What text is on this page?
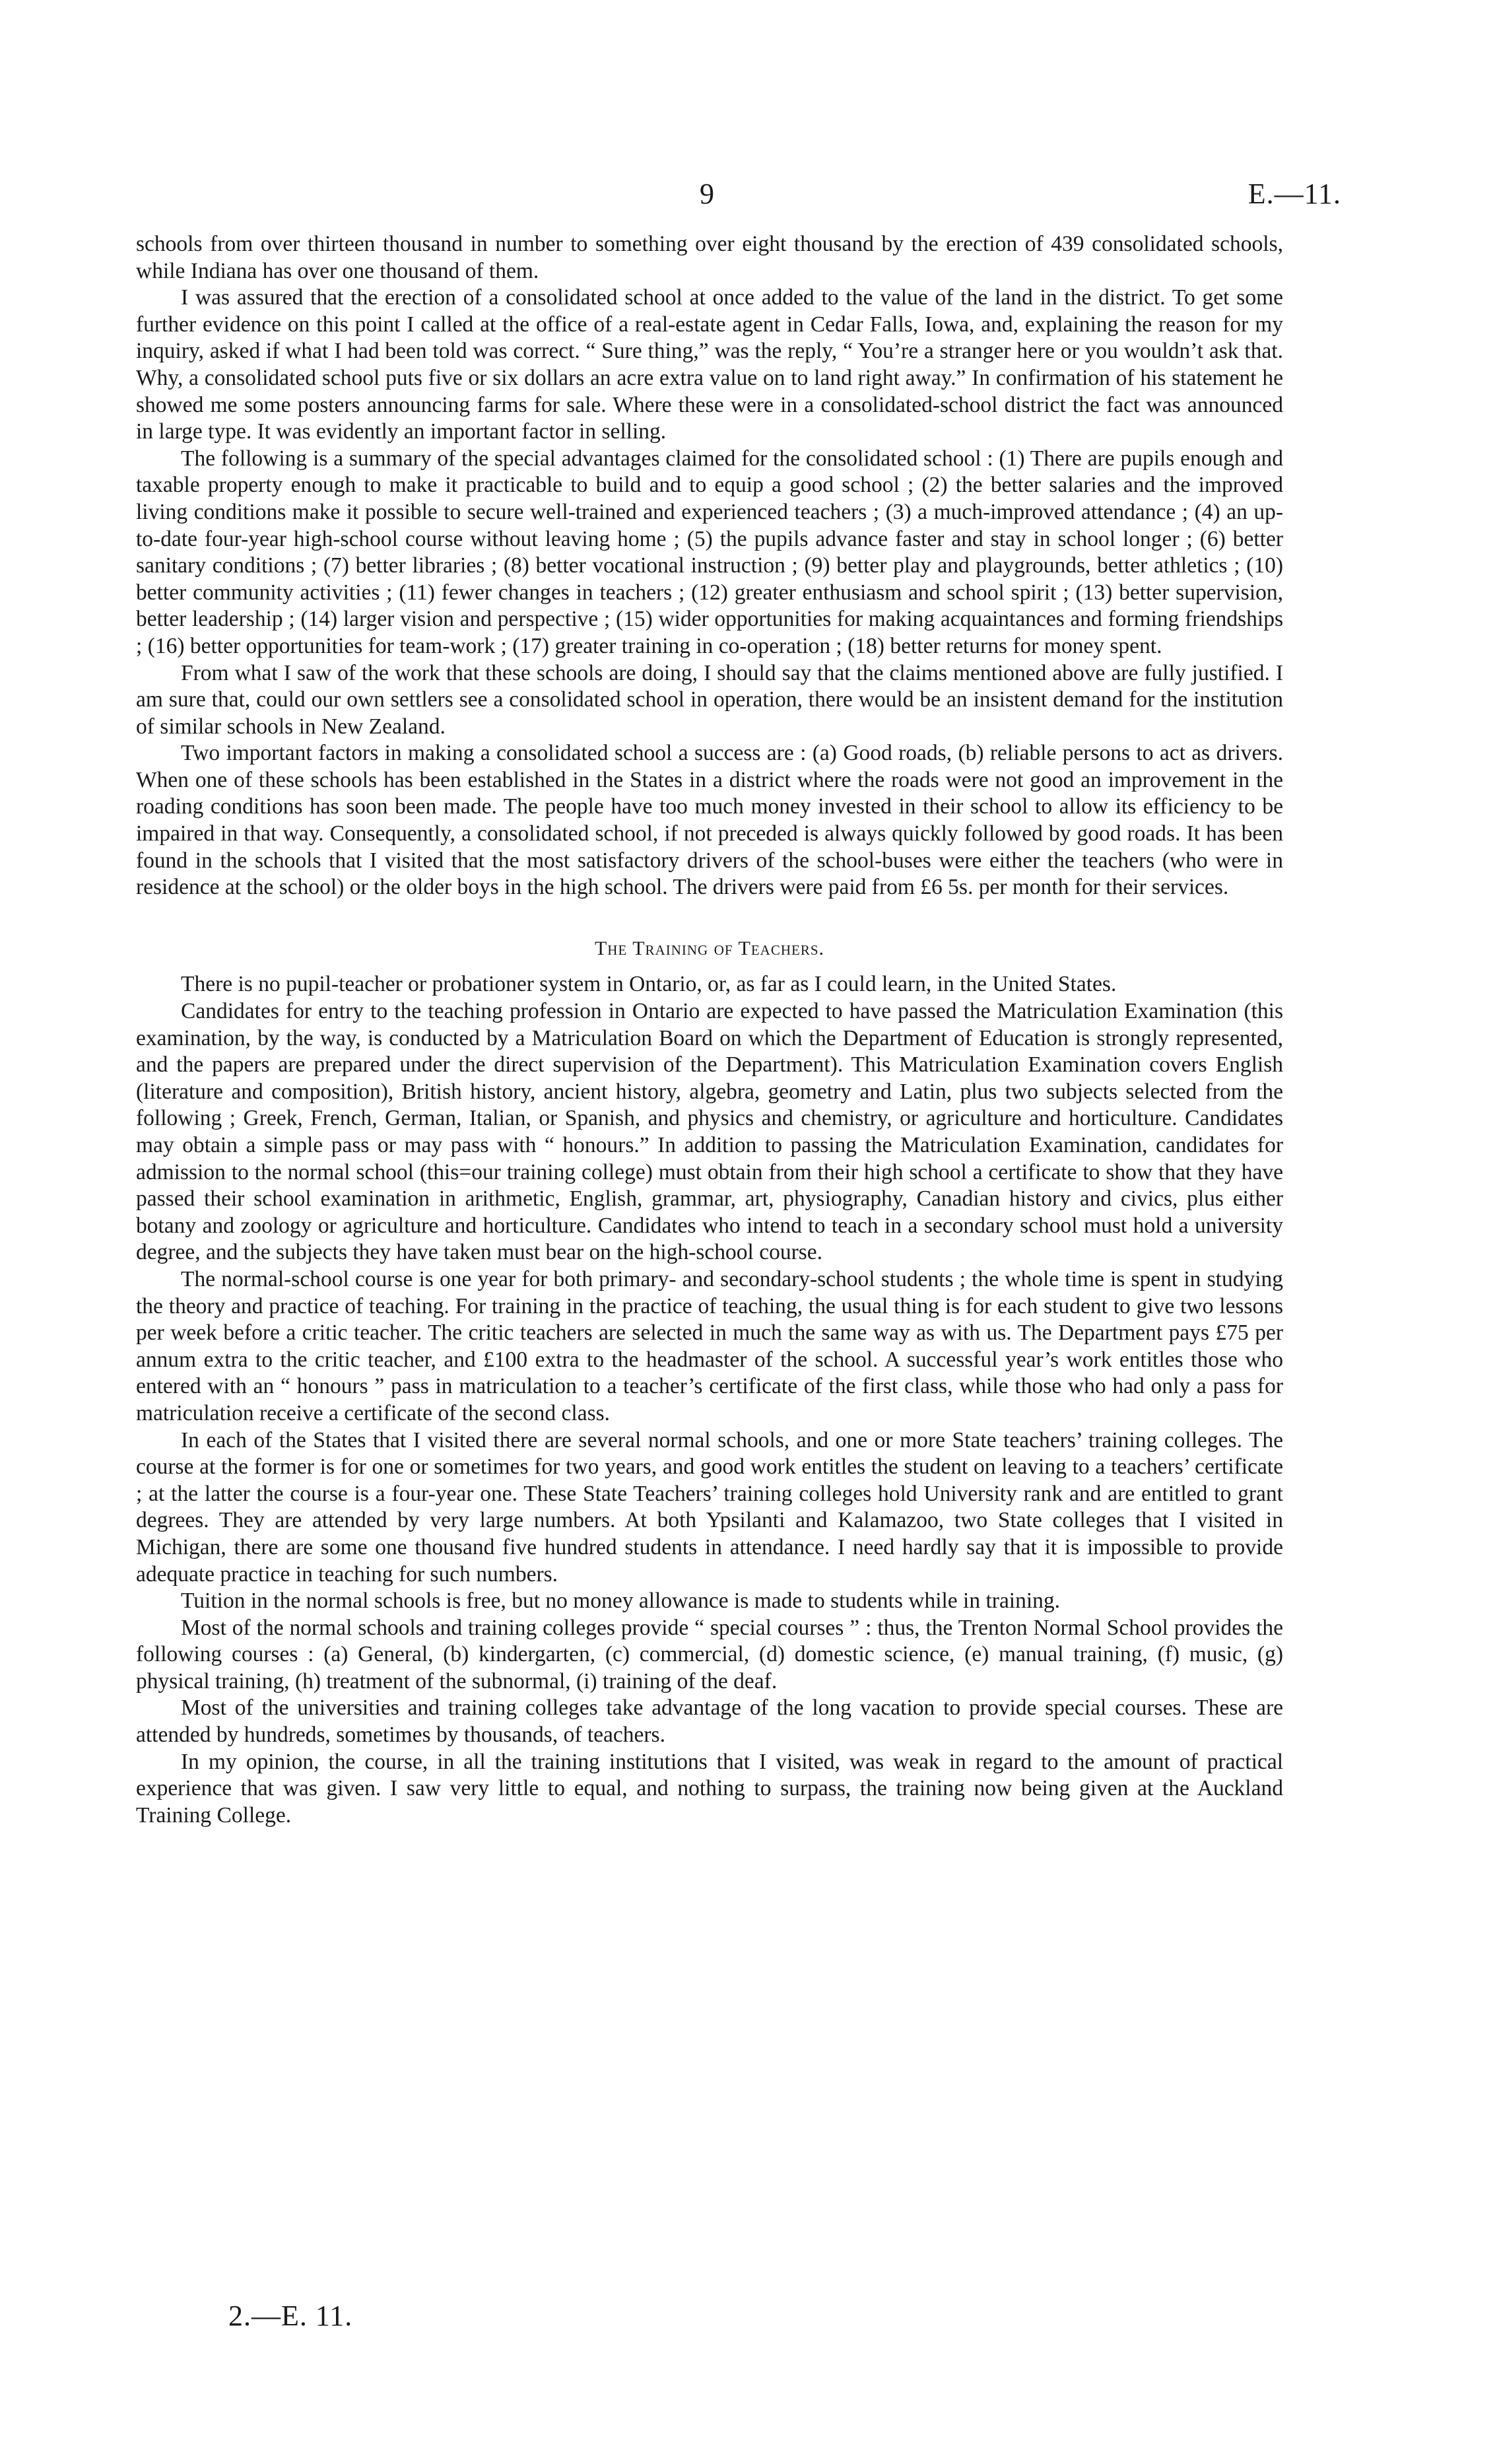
9	E.—11.

schools from over thirteen thousand in number to something over eight thousand by the erection of 439 consolidated schools, while Indiana has over one thousand of them.

I was assured that the erection of a consolidated school at once added to the value of the land in the district. To get some further evidence on this point I called at the office of a real-estate agent in Cedar Falls, Iowa, and, explaining the reason for my inquiry, asked if what I had been told was correct. “ Sure thing,” was the reply, “ You’re a stranger here or you wouldn’t ask that. Why, a consolidated school puts five or six dollars an acre extra value on to land right away.” In confirmation of his statement he showed me some posters announcing farms for sale. Where these were in a consolidated-school district the fact was announced in large type. It was evidently an important factor in selling.

The following is a summary of the special advantages claimed for the consolidated school : (1) There are pupils enough and taxable property enough to make it practicable to build and to equip a good school ; (2) the better salaries and the improved living conditions make it possible to secure well-trained and experienced teachers ; (3) a much-improved attendance ; (4) an up-to-date four-year high-school course without leaving home ; (5) the pupils advance faster and stay in school longer ; (6) better sanitary conditions ; (7) better libraries ; (8) better vocational instruction ; (9) better play and playgrounds, better athletics ; (10) better community activities ; (11) fewer changes in teachers ; (12) greater enthusiasm and school spirit ; (13) better supervision, better leadership ; (14) larger vision and perspective ; (15) wider opportunities for making acquaintances and forming friendships ; (16) better opportunities for team-work ; (17) greater training in co-operation ; (18) better returns for money spent.

From what I saw of the work that these schools are doing, I should say that the claims mentioned above are fully justified. I am sure that, could our own settlers see a consolidated school in operation, there would be an insistent demand for the institution of similar schools in New Zealand.

Two important factors in making a consolidated school a success are : (a) Good roads, (b) reliable persons to act as drivers. When one of these schools has been established in the States in a district where the roads were not good an improvement in the roading conditions has soon been made. The people have too much money invested in their school to allow its efficiency to be impaired in that way. Consequently, a consolidated school, if not preceded is always quickly followed by good roads. It has been found in the schools that I visited that the most satisfactory drivers of the school-buses were either the teachers (who were in residence at the school) or the older boys in the high school. The drivers were paid from £6 5s. per month for their services.

The Training of Teachers.

There is no pupil-teacher or probationer system in Ontario, or, as far as I could learn, in the United States.

Candidates for entry to the teaching profession in Ontario are expected to have passed the Matriculation Examination (this examination, by the way, is conducted by a Matriculation Board on which the Department of Education is strongly represented, and the papers are prepared under the direct supervision of the Department). This Matriculation Examination covers English (literature and composition), British history, ancient history, algebra, geometry and Latin, plus two subjects selected from the following ; Greek, French, German, Italian, or Spanish, and physics and chemistry, or agriculture and horticulture. Candidates may obtain a simple pass or may pass with “ honours.” In addition to passing the Matriculation Examination, candidates for admission to the normal school (this=our training college) must obtain from their high school a certificate to show that they have passed their school examination in arithmetic, English, grammar, art, physiography, Canadian history and civics, plus either botany and zoology or agriculture and horticulture. Candidates who intend to teach in a secondary school must hold a university degree, and the subjects they have taken must bear on the high-school course.

The normal-school course is one year for both primary- and secondary-school students ; the whole time is spent in studying the theory and practice of teaching. For training in the practice of teaching, the usual thing is for each student to give two lessons per week before a critic teacher. The critic teachers are selected in much the same way as with us. The Department pays £75 per annum extra to the critic teacher, and £100 extra to the headmaster of the school. A successful year’s work entitles those who entered with an “ honours ” pass in matriculation to a teacher’s certificate of the first class, while those who had only a pass for matriculation receive a certificate of the second class.

In each of the States that I visited there are several normal schools, and one or more State teachers’ training colleges. The course at the former is for one or sometimes for two years, and good work entitles the student on leaving to a teachers’ certificate ; at the latter the course is a four-year one. These State Teachers’ training colleges hold University rank and are entitled to grant degrees. They are attended by very large numbers. At both Ypsilanti and Kalamazoo, two State colleges that I visited in Michigan, there are some one thousand five hundred students in attendance. I need hardly say that it is impossible to provide adequate practice in teaching for such numbers.

Tuition in the normal schools is free, but no money allowance is made to students while in training.

Most of the normal schools and training colleges provide “ special courses ” : thus, the Trenton Normal School provides the following courses : (a) General, (b) kindergarten, (c) commercial, (d) domestic science, (e) manual training, (f) music, (g) physical training, (h) treatment of the subnormal, (i) training of the deaf.

Most of the universities and training colleges take advantage of the long vacation to provide special courses. These are attended by hundreds, sometimes by thousands, of teachers.

In my opinion, the course, in all the training institutions that I visited, was weak in regard to the amount of practical experience that was given. I saw very little to equal, and nothing to surpass, the training now being given at the Auckland Training College.

2.—E. 11.
